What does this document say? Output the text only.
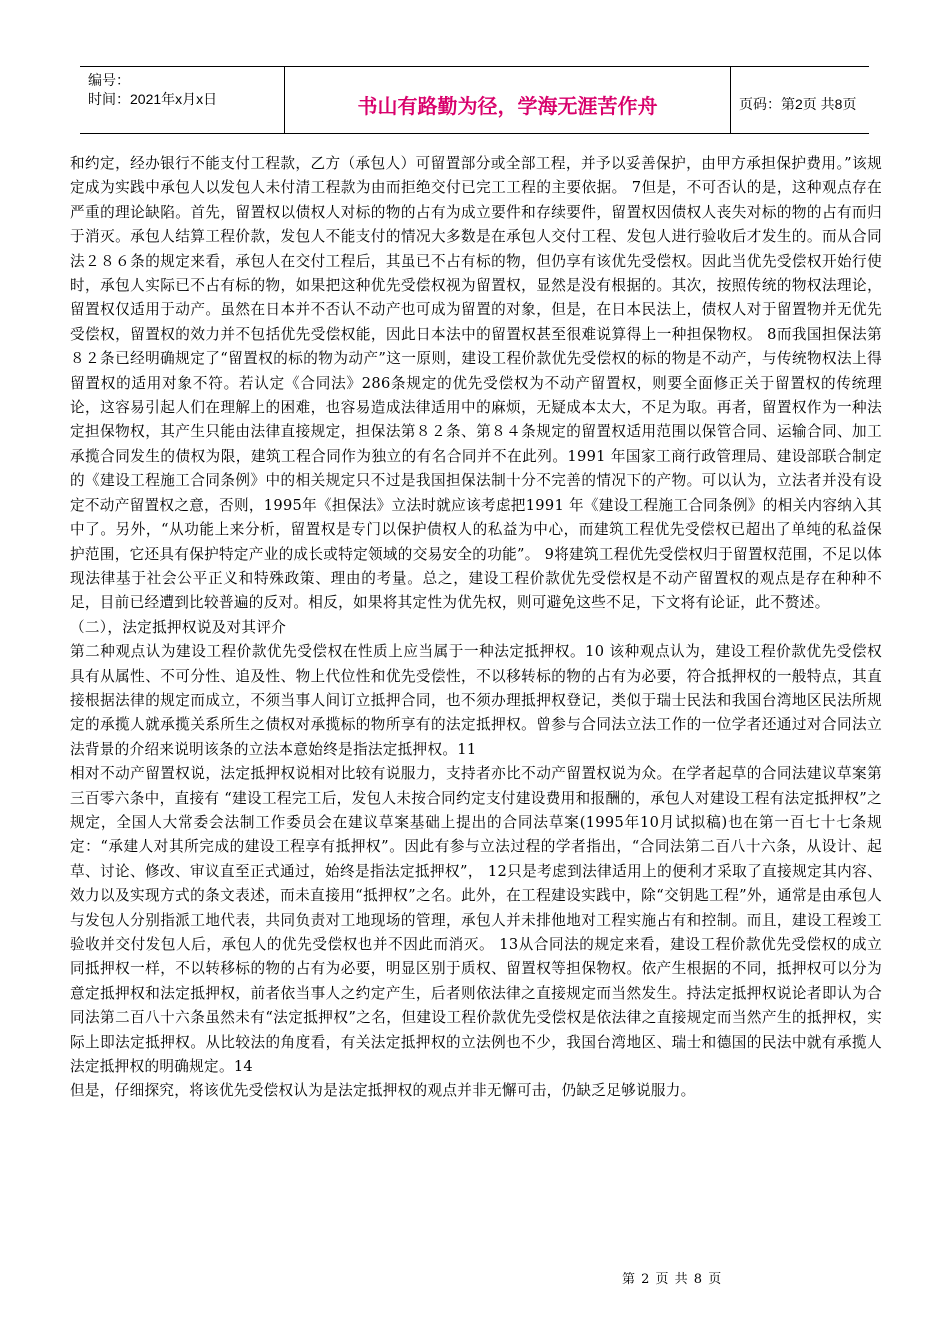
编号：
时间：2021年x月x日	书山有路勤为径，学海无涯苦作舟	页码：第2页 共8页

和约定，经办银行不能支付工程款，乙方（承包人）可留置部分或全部工程，并予以妥善保护，由甲方承担保护费用。”该规定成为实践中承包人以发包人未付清工程款为由而拒绝交付已完工工程的主要依据。 7但是，不可否认的是，这种观点存在严重的理论缺陷。首先，留置权以债权人对标的物的占有为成立要件和存续要件，留置权因债权人丧失对标的物的占有而归于消灭。承包人结算工程价款，发包人不能支付的情况大多数是在承包人交付工程、发包人进行验收后才发生的。而从合同法２８６条的规定来看，承包人在交付工程后，其虽已不占有标的物，但仍享有该优先受偿权。因此当优先受偿权开始行使时，承包人实际已不占有标的物，如果把这种优先受偿权视为留置权，显然是没有根据的。其次，按照传统的物权法理论，留置权仅适用于动产。虽然在日本并不否认不动产也可成为留置的对象，但是，在日本民法上，债权人对于留置物并无优先受偿权，留置权的效力并不包括优先受偿权能，因此日本法中的留置权甚至很难说算得上一种担保物权。 8而我国担保法第８２条已经明确规定了“留置权的标的物为动产”这一原则，建设工程价款优先受偿权的标的物是不动产，与传统物权法上得留置权的适用对象不符。若认定《合同法》286条规定的优先受偿权为不动产留置权，则要全面修正关于留置权的传统理论，这容易引起人们在理解上的困难，也容易造成法律适用中的麻烦，无疑成本太大，不足为取。再者，留置权作为一种法定担保物权，其产生只能由法律直接规定，担保法第８２条、第８４条规定的留置权适用范围以保管合同、运输合同、加工承揽合同发生的债权为限，建筑工程合同作为独立的有名合同并不在此列。1991 年国家工商行政管理局、建设部联合制定的《建设工程施工合同条例》中的相关规定只不过是我国担保法制十分不完善的情况下的产物。可以认为，立法者并没有设定不动产留置权之意，否则，1995年《担保法》立法时就应该考虑把1991 年《建设工程施工合同条例》的相关内容纳入其中了。另外，“从功能上来分析，留置权是专门以保护债权人的私益为中心，而建筑工程优先受偿权已超出了单纯的私益保护范围，它还具有保护特定产业的成长或特定领域的交易安全的功能”。 9将建筑工程优先受偿权归于留置权范围，不足以体现法律基于社会公平正义和特殊政策、理由的考量。总之，建设工程价款优先受偿权是不动产留置权的观点是存在种种不足，目前已经遭到比较普遍的反对。相反，如果将其定性为优先权，则可避免这些不足，下文将有论证，此不赘述。

（二），法定抵押权说及对其评介

第二种观点认为建设工程价款优先受偿权在性质上应当属于一种法定抵押权。10 该种观点认为，建设工程价款优先受偿权具有从属性、不可分性、追及性、物上代位性和优先受偿性，不以移转标的物的占有为必要，符合抵押权的一般特点，其直接根据法律的规定而成立，不须当事人间订立抵押合同，也不须办理抵押权登记，类似于瑞士民法和我国台湾地区民法所规定的承揽人就承揽关系所生之债权对承揽标的物所享有的法定抵押权。曾参与合同法立法工作的一位学者还通过对合同法立法背景的介绍来说明该条的立法本意始终是指法定抵押权。11

相对不动产留置权说，法定抵押权说相对比较有说服力，支持者亦比不动产留置权说为众。在学者起草的合同法建议草案第三百零六条中，直接有 “建设工程完工后，发包人未按合同约定支付建设费用和报酬的，承包人对建设工程有法定抵押权”之规定，全国人大常委会法制工作委员会在建议草案基础上提出的合同法草案(1995年10月试拟稿)也在第一百七十七条规定：“承建人对其所完成的建设工程享有抵押权”。因此有参与立法过程的学者指出，“合同法第二百八十六条，从设计、起草、讨论、修改、审议直至正式通过，始终是指法定抵押权”， 12只是考虑到法律适用上的便利才采取了直接规定其内容、效力以及实现方式的条文表述，而未直接用“抵押权”之名。此外，在工程建设实践中，除“交钥匙工程”外，通常是由承包人与发包人分别指派工地代表，共同负责对工地现场的管理，承包人并未排他地对工程实施占有和控制。而且，建设工程竣工验收并交付发包人后，承包人的优先受偿权也并不因此而消灭。 13从合同法的规定来看，建设工程价款优先受偿权的成立同抵押权一样，不以转移标的物的占有为必要，明显区别于质权、留置权等担保物权。依产生根据的不同，抵押权可以分为意定抵押权和法定抵押权，前者依当事人之约定产生，后者则依法律之直接规定而当然发生。持法定抵押权说论者即认为合同法第二百八十六条虽然未有“法定抵押权”之名，但建设工程价款优先受偿权是依法律之直接规定而当然产生的抵押权，实际上即法定抵押权。从比较法的角度看，有关法定抵押权的立法例也不少，我国台湾地区、瑞士和德国的民法中就有承揽人法定抵押权的明确规定。14

但是，仔细探究，将该优先受偿权认为是法定抵押权的观点并非无懈可击，仍缺乏足够说服力。

第 2 页 共 8 页
